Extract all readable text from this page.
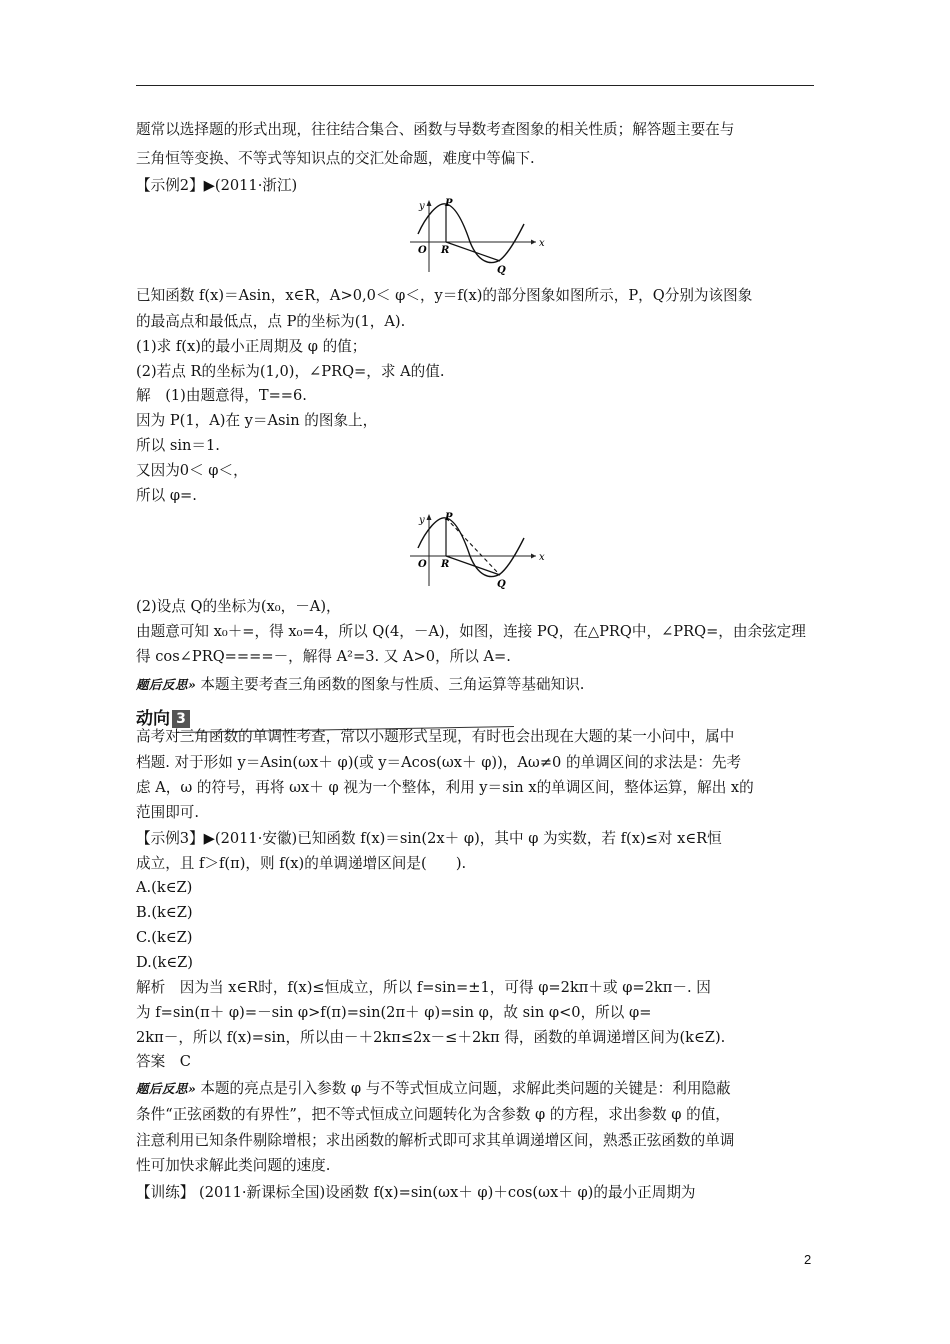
题常以选择题的形式出现，往往结合集合、函数与导数考查图象的相关性质；解答题主要在与
三角恒等变换、不等式等知识点的交汇处命题，难度中等偏下.
【示例2】▶(2011·浙江)
y
x
O
P
R
Q
已知函数 f(x)＝Asin，x∈R，A>0,0＜ φ＜，y＝f(x)的部分图象如图所示，P，Q分别为该图象
的最高点和最低点，点 P的坐标为(1，A).
(1)求 f(x)的最小正周期及 φ 的值；
(2)若点 R的坐标为(1,0)，∠PRQ=，求 A的值.
解　(1)由题意得，T==6.
因为 P(1，A)在 y＝Asin 的图象上，
所以 sin＝1.
又因为0＜ φ＜，
所以 φ=.
y
x
O
P
R
Q
(2)设点 Q的坐标为(x₀，－A)，
由题意可知 x₀＋=，得 x₀=4，所以 Q(4，－A)，如图，连接 PQ，在△PRQ中，∠PRQ=，由余弦定理
得 cos∠PRQ====－，解得 A²=3. 又 A>0，所以 A=.
题后反思» 本题主要考查三角函数的图象与性质、三角运算等基础知识.
动向 3
高考对三角函数的单调性考查，常以小题形式呈现，有时也会出现在大题的某一小问中，属中
档题. 对于形如 y＝Asin(ωx＋ φ)(或 y＝Acos(ωx＋ φ))，Aω≠0 的单调区间的求法是：先考
虑 A，ω 的符号，再将 ωx＋ φ 视为一个整体，利用 y＝sin x的单调区间，整体运算，解出 x的
范围即可.
【示例3】▶(2011·安徽)已知函数 f(x)＝sin(2x＋ φ)，其中 φ 为实数，若 f(x)≤对 x∈R恒
成立，且 f＞f(π)，则 f(x)的单调递增区间是(　　).
A.(k∈Z)
B.(k∈Z)
C.(k∈Z)
D.(k∈Z)
解析　因为当 x∈R时，f(x)≤恒成立，所以 f=sin=±1，可得 φ=2kπ＋或 φ=2kπ－. 因
为 f=sin(π＋ φ)=－sin φ>f(π)=sin(2π＋ φ)=sin φ，故 sin φ<0，所以 φ=
2kπ－，所以 f(x)=sin，所以由－＋2kπ≤2x－≤＋2kπ 得，函数的单调递增区间为(k∈Z).
答案　C
题后反思» 本题的亮点是引入参数 φ 与不等式恒成立问题，求解此类问题的关键是：利用隐蔽
条件“正弦函数的有界性”，把不等式恒成立问题转化为含参数 φ 的方程，求出参数 φ 的值，
注意利用已知条件剔除增根；求出函数的解析式即可求其单调递增区间，熟悉正弦函数的单调
性可加快求解此类问题的速度.
【训练】 (2011·新课标全国)设函数 f(x)=sin(ωx＋ φ)＋cos(ωx＋ φ)的最小正周期为
2
